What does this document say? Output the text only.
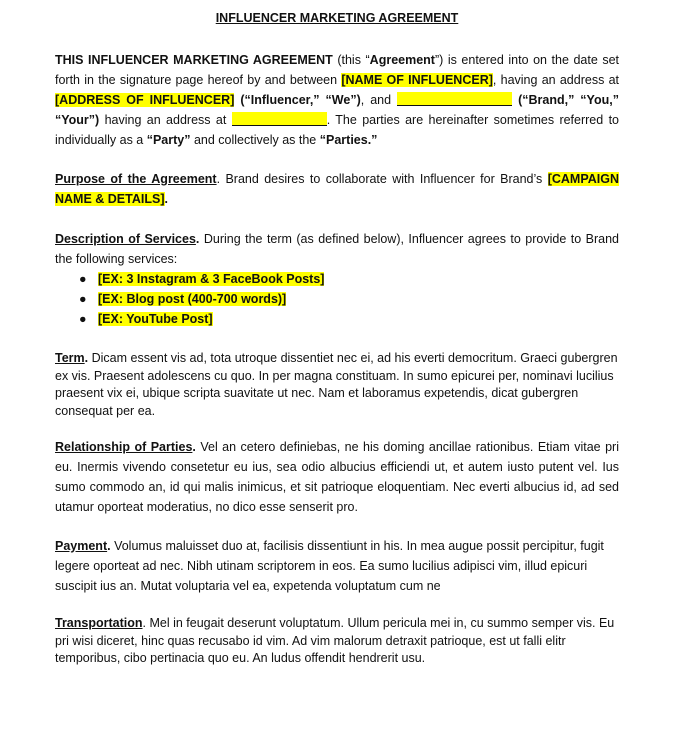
INFLUENCER MARKETING AGREEMENT

THIS INFLUENCER MARKETING AGREEMENT (this “Agreement”) is entered into on the date set forth in the signature page hereof by and between [NAME OF INFLUENCER], having an address at [ADDRESS OF INFLUENCER] (“Influencer,” “We”), and	(“Brand,” “You,” “Your”) having an address at	. The parties are hereinafter sometimes referred to individually as a “Party” and collectively as the “Parties.”

Purpose of the Agreement. Brand desires to collaborate with Influencer for Brand’s [CAMPAIGN NAME & DETAILS].

Description of Services. During the term (as defined below), Influencer agrees to provide to Brand the following services:

● [EX: 3 Instagram & 3 FaceBook Posts]
● [EX: Blog post (400-700 words)]
● [EX: YouTube Post]

Term. Dicam essent vis ad, tota utroque dissentiet nec ei, ad his everti democritum. Graeci gubergren ex vis. Praesent adolescens cu quo. In per magna constituam. In sumo epicurei per, nominavi lucilius praesent vix ei, ubique scripta suavitate ut nec. Nam et laboramus expetendis, dicat gubergren consequat per ea.

Relationship of Parties. Vel an cetero definiebas, ne his doming ancillae rationibus. Etiam vitae pri eu. Inermis vivendo consetetur eu ius, sea odio albucius efficiendi ut, et autem iusto putent vel. Ius sumo commodo an, id qui malis inimicus, et sit patrioque eloquentiam. Nec everti albucius id, ad sed utamur oporteat moderatius, no dico esse senserit pro.

Payment. Volumus maluisset duo at, facilisis dissentiunt in his. In mea augue possit percipitur, fugit legere oporteat ad nec. Nibh utinam scriptorem in eos. Ea sumo lucilius adipisci vim, illud epicuri suscipit ius an. Mutat voluptaria vel ea, expetenda voluptatum cum ne

Transportation. Mel in feugait deserunt voluptatum. Ullum pericula mei in, cu summo semper vis. Eu pri wisi diceret, hinc quas recusabo id vim. Ad vim malorum detraxit patrioque, est ut falli elitr temporibus, cibo pertinacia quo eu. An ludus offendit hendrerit usu.
